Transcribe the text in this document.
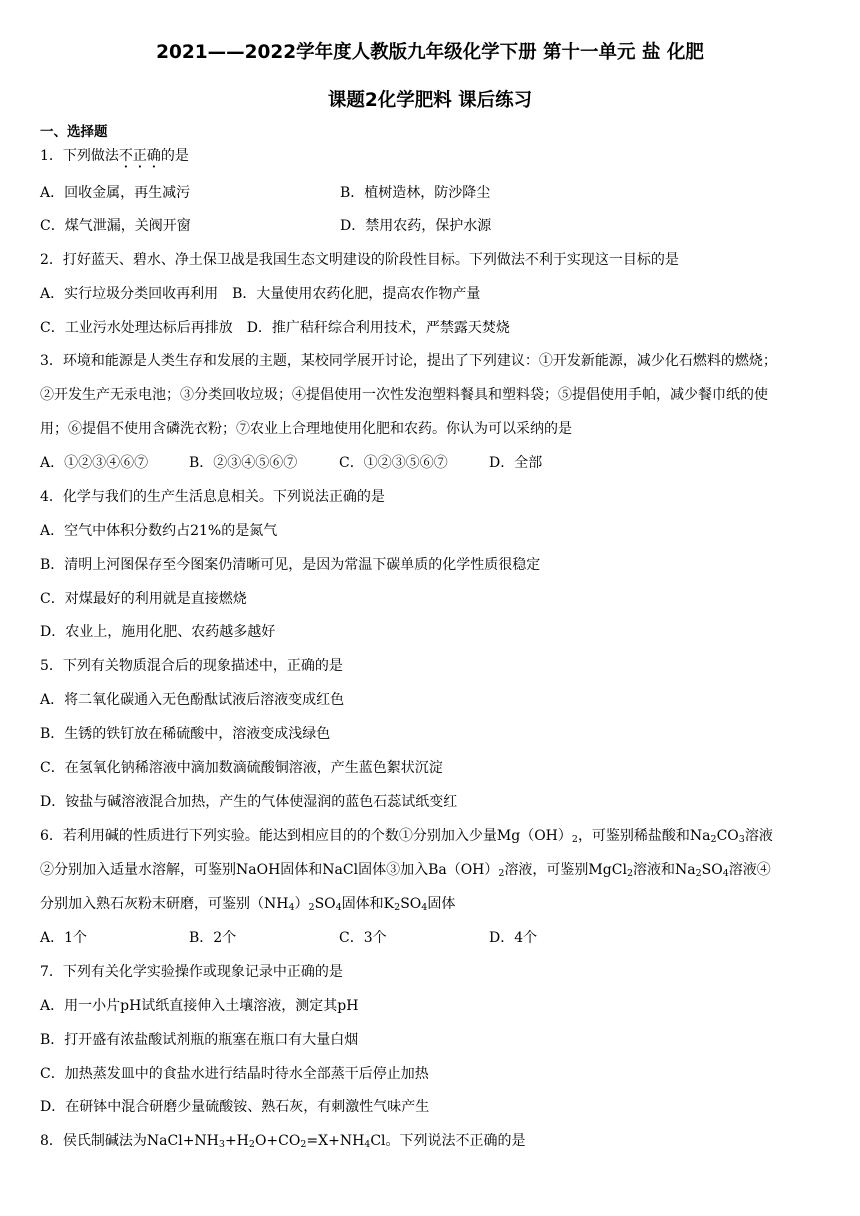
2021——2022学年度人教版九年级化学下册 第十一单元 盐 化肥
课题2化学肥料 课后练习
一、选择题
1．下列做法不正确的是
A．回收金属，再生减污	B．植树造林，防沙降尘
C．煤气泄漏，关阀开窗	D．禁用农药，保护水源
2．打好蓝天、碧水、净土保卫战是我国生态文明建设的阶段性目标。下列做法不利于实现这一目标的是
A．实行垃圾分类回收再利用　B．大量使用农药化肥，提高农作物产量
C．工业污水处理达标后再排放　D．推广秸秆综合利用技术，严禁露天焚烧
3．环境和能源是人类生存和发展的主题，某校同学展开讨论，提出了下列建议：①开发新能源，减少化石燃料的燃烧；
②开发生产无汞电池；③分类回收垃圾；④提倡使用一次性发泡塑料餐具和塑料袋；⑤提倡使用手帕，减少餐巾纸的使
用；⑥提倡不使用含磷洗衣粉；⑦农业上合理地使用化肥和农药。你认为可以采纳的是
A．①②③④⑥⑦	B．②③④⑤⑥⑦	C．①②③⑤⑥⑦	D．全部
4．化学与我们的生产生活息息相关。下列说法正确的是
A．空气中体积分数约占21%的是氮气
B．清明上河图保存至今图案仍清晰可见，是因为常温下碳单质的化学性质很稳定
C．对煤最好的利用就是直接燃烧
D．农业上，施用化肥、农药越多越好
5．下列有关物质混合后的现象描述中，正确的是
A．将二氧化碳通入无色酚酞试液后溶液变成红色
B．生锈的铁钉放在稀硫酸中，溶液变成浅绿色
C．在氢氧化钠稀溶液中滴加数滴硫酸铜溶液，产生蓝色絮状沉淀
D．铵盐与碱溶液混合加热，产生的气体使湿润的蓝色石蕊试纸变红
6．若利用碱的性质进行下列实验。能达到相应目的的个数①分别加入少量$Mg(OH)_2$，可鉴别稀盐酸和$Na_2CO_3$溶液
②分别加入适量水溶解，可鉴别NaOH固体和NaCl固体③加入$Ba(OH)_2$溶液，可鉴别MgCl$_2$溶液和$Na_2SO_4$溶液④
分别加入熟石灰粉末研磨，可鉴别$(NH_4)_2SO_4$固体和$K_2SO_4$固体
A．1个	B．2个	C．3个	D．4个
7．下列有关化学实验操作或现象记录中正确的是
A．用一小片pH试纸直接伸入土壤溶液，测定其pH
B．打开盛有浓盐酸试剂瓶的瓶塞在瓶口有大量白烟
C．加热蒸发皿中的食盐水进行结晶时待水全部蒸干后停止加热
D．在研钵中混合研磨少量硫酸铵、熟石灰，有刺激性气味产生
8．侯氏制碱法为$NaCl+NH_3+H_2O+CO_2=X+NH_4Cl$。下列说法不正确的是
